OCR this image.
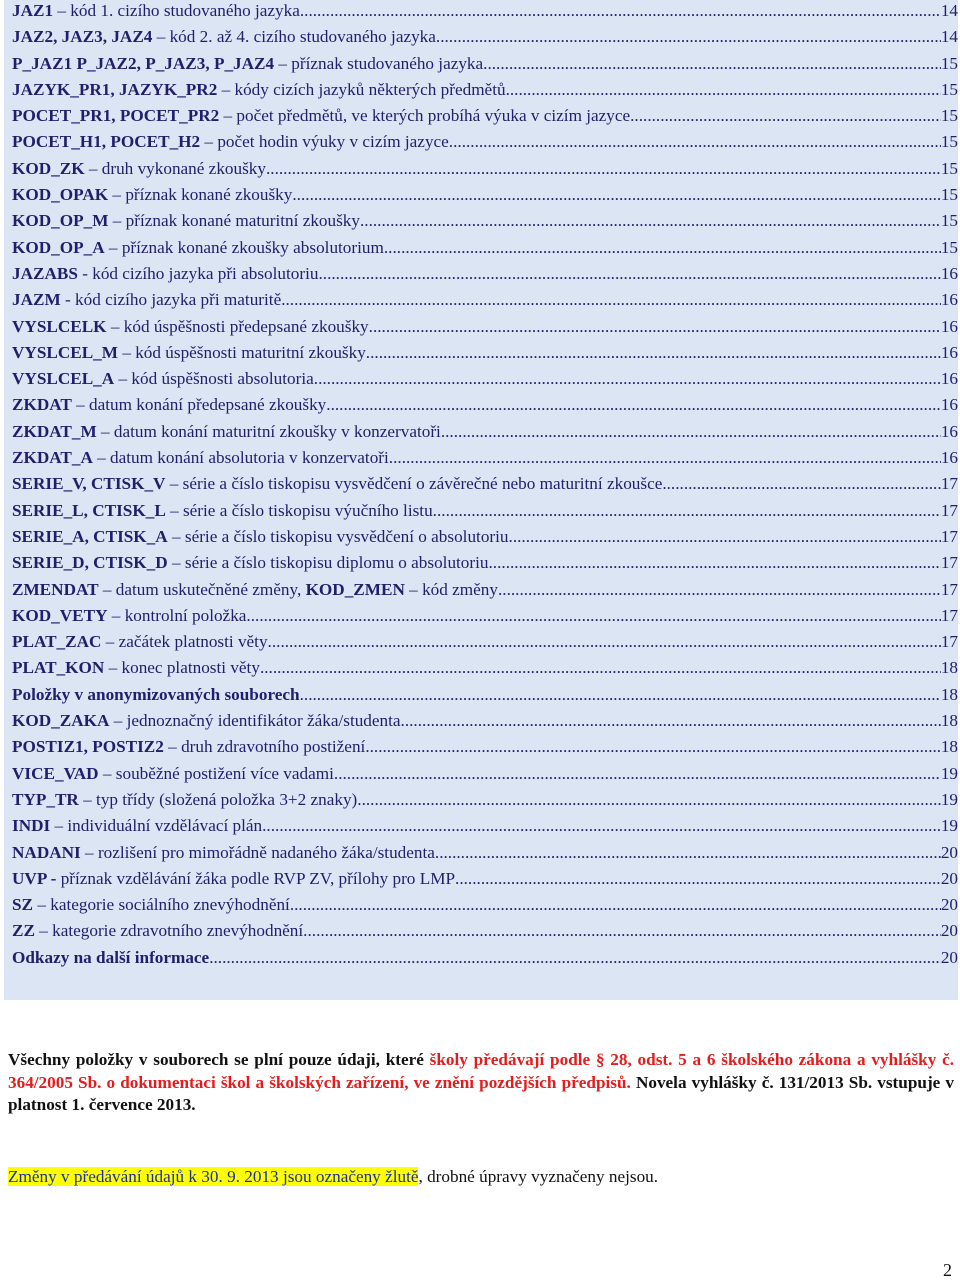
JAZ1 – kód 1. cizího studovaného jazyka .....	14
JAZ2, JAZ3, JAZ4 – kód 2. až 4. cizího studovaného jazyka .....	14
P_JAZ1 P_JAZ2, P_JAZ3, P_JAZ4 – příznak studovaného jazyka .....	15
JAZYK_PR1, JAZYK_PR2 – kódy cizích jazyků některých předmětů .....	15
POCET_PR1, POCET_PR2 – počet předmětů, ve kterých probíhá výuka v cizím jazyce .....	15
POCET_H1, POCET_H2 – počet hodin výuky v cizím jazyce .....	15
KOD_ZK – druh vykonané zkoušky .....	15
KOD_OPAK – příznak konané zkoušky .....	15
KOD_OP_M – příznak konané maturitní zkoušky .....	15
KOD_OP_A – příznak konané zkoušky absolutorium .....	15
JAZABS - kód cizího jazyka při absolutoriu .....	16
JAZM - kód cizího jazyka při maturitě .....	16
VYSLCELK – kód úspěšnosti předepsané zkoušky .....	16
VYSLCEL_M – kód úspěšnosti maturitní zkoušky .....	16
VYSLCEL_A – kód úspěšnosti absolutoria .....	16
ZKDAT – datum konání předepsané zkoušky .....	16
ZKDAT_M – datum konání maturitní zkoušky v konzervatoři .....	16
ZKDAT_A – datum konání absolutoria v konzervatoři .....	16
SERIE_V, CTISK_V – série a číslo tiskopisu vysvědčení o závěrečné nebo maturitní zkoušce .....	17
SERIE_L, CTISK_L – série a číslo tiskopisu výučního listu .....	17
SERIE_A, CTISK_A – série a číslo tiskopisu vysvědčení o absolutoriu .....	17
SERIE_D, CTISK_D – série a číslo tiskopisu diplomu o absolutoriu .....	17
ZMENDAT – datum uskutečněné změny, KOD_ZMEN – kód změny .....	17
KOD_VETY – kontrolní položka .....	17
PLAT_ZAC – začátek platnosti věty .....	17
PLAT_KON – konec platnosti věty .....	18
Položky v anonymizovaných souborech .....	18
KOD_ZAKA – jednoznačný identifikátor žáka/studenta .....	18
POSTIZ1, POSTIZ2 – druh zdravotního postižení .....	18
VICE_VAD – souběžné postižení více vadami .....	19
TYP_TR – typ třídy (složená položka 3+2 znaky) .....	19
INDI – individuální vzdělávací plán .....	19
NADANI – rozlišení pro mimořádně nadaného žáka/studenta .....	20
UVP - příznak vzdělávání žáka podle RVP ZV, přílohy pro LMP .....	20
SZ – kategorie sociálního znevýhodnění .....	20
ZZ – kategorie zdravotního znevýhodnění .....	20
Odkazy na další informace .....	20
Všechny položky v souborech se plní pouze údaji, které školy předávají podle § 28, odst. 5 a 6 školského zákona a vyhlášky č. 364/2005 Sb. o dokumentaci škol a školských zařízení, ve znění pozdějších předpisů. Novela vyhlášky č. 131/2013 Sb. vstupuje v platnost 1. července 2013.
Změny v předávání údajů k 30. 9. 2013 jsou označeny žlutě, drobné úpravy vyznačeny nejsou.
2
